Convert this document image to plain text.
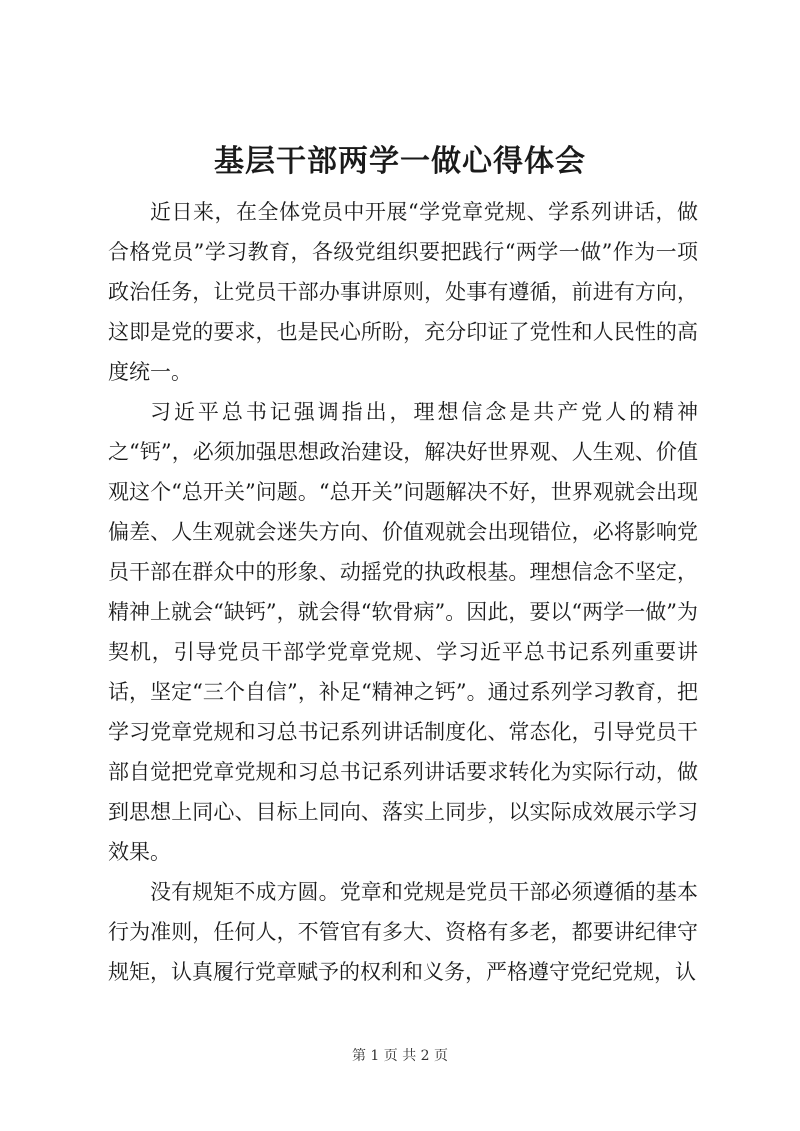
基层干部两学一做心得体会

近日来，在全体党员中开展“学党章党规、学系列讲话，做合格党员”学习教育，各级党组织要把践行“两学一做”作为一项政治任务，让党员干部办事讲原则，处事有遵循，前进有方向，这即是党的要求，也是民心所盼，充分印证了党性和人民性的高度统一。

习近平总书记强调指出，理想信念是共产党人的精神之“钙”，必须加强思想政治建设，解决好世界观、人生观、价值观这个“总开关”问题。“总开关”问题解决不好，世界观就会出现偏差、人生观就会迷失方向、价值观就会出现错位，必将影响党员干部在群众中的形象、动摇党的执政根基。理想信念不坚定，精神上就会“缺钙”，就会得“软骨病”。因此，要以“两学一做”为契机，引导党员干部学党章党规、学习近平总书记系列重要讲话，坚定“三个自信”，补足“精神之钙”。通过系列学习教育，把学习党章党规和习总书记系列讲话制度化、常态化，引导党员干部自觉把党章党规和习总书记系列讲话要求转化为实际行动，做到思想上同心、目标上同向、落实上同步，以实际成效展示学习效果。

没有规矩不成方圆。党章和党规是党员干部必须遵循的基本行为准则，任何人，不管官有多大、资格有多老，都要讲纪律守规矩，认真履行党章赋予的权利和义务，严格遵守党纪党规，认

第 1 页 共 2 页
